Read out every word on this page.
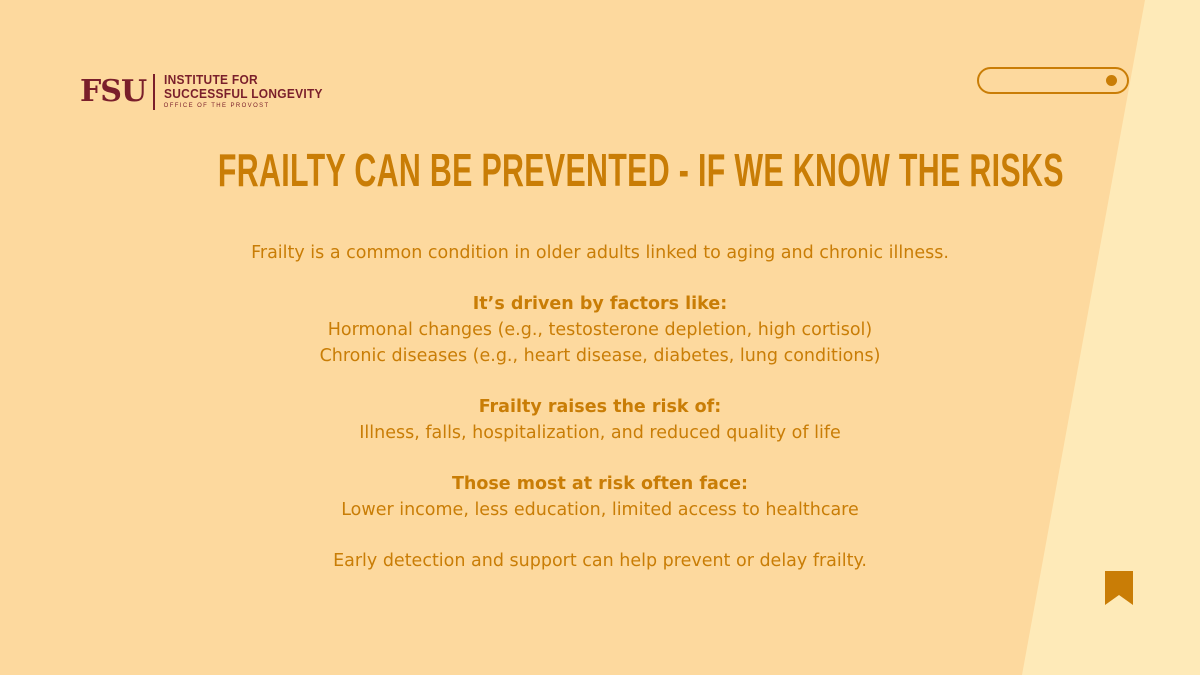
FSU INSTITUTE FOR
SUCCESSFUL LONGEVITY
OFFICE OF THE PROVOST
FRAILTY CAN BE PREVENTED - IF WE KNOW THE RISKS

Frailty is a common condition in older adults linked to aging and chronic illness.

It’s driven by factors like:

Hormonal changes (e.g., testosterone depletion, high cortisol)

Chronic diseases (e.g., heart disease, diabetes, lung conditions)

Frailty raises the risk of:

Illness, falls, hospitalization, and reduced quality of life

Those most at risk often face:

Lower income, less education, limited access to healthcare

Early detection and support can help prevent or delay frailty.
